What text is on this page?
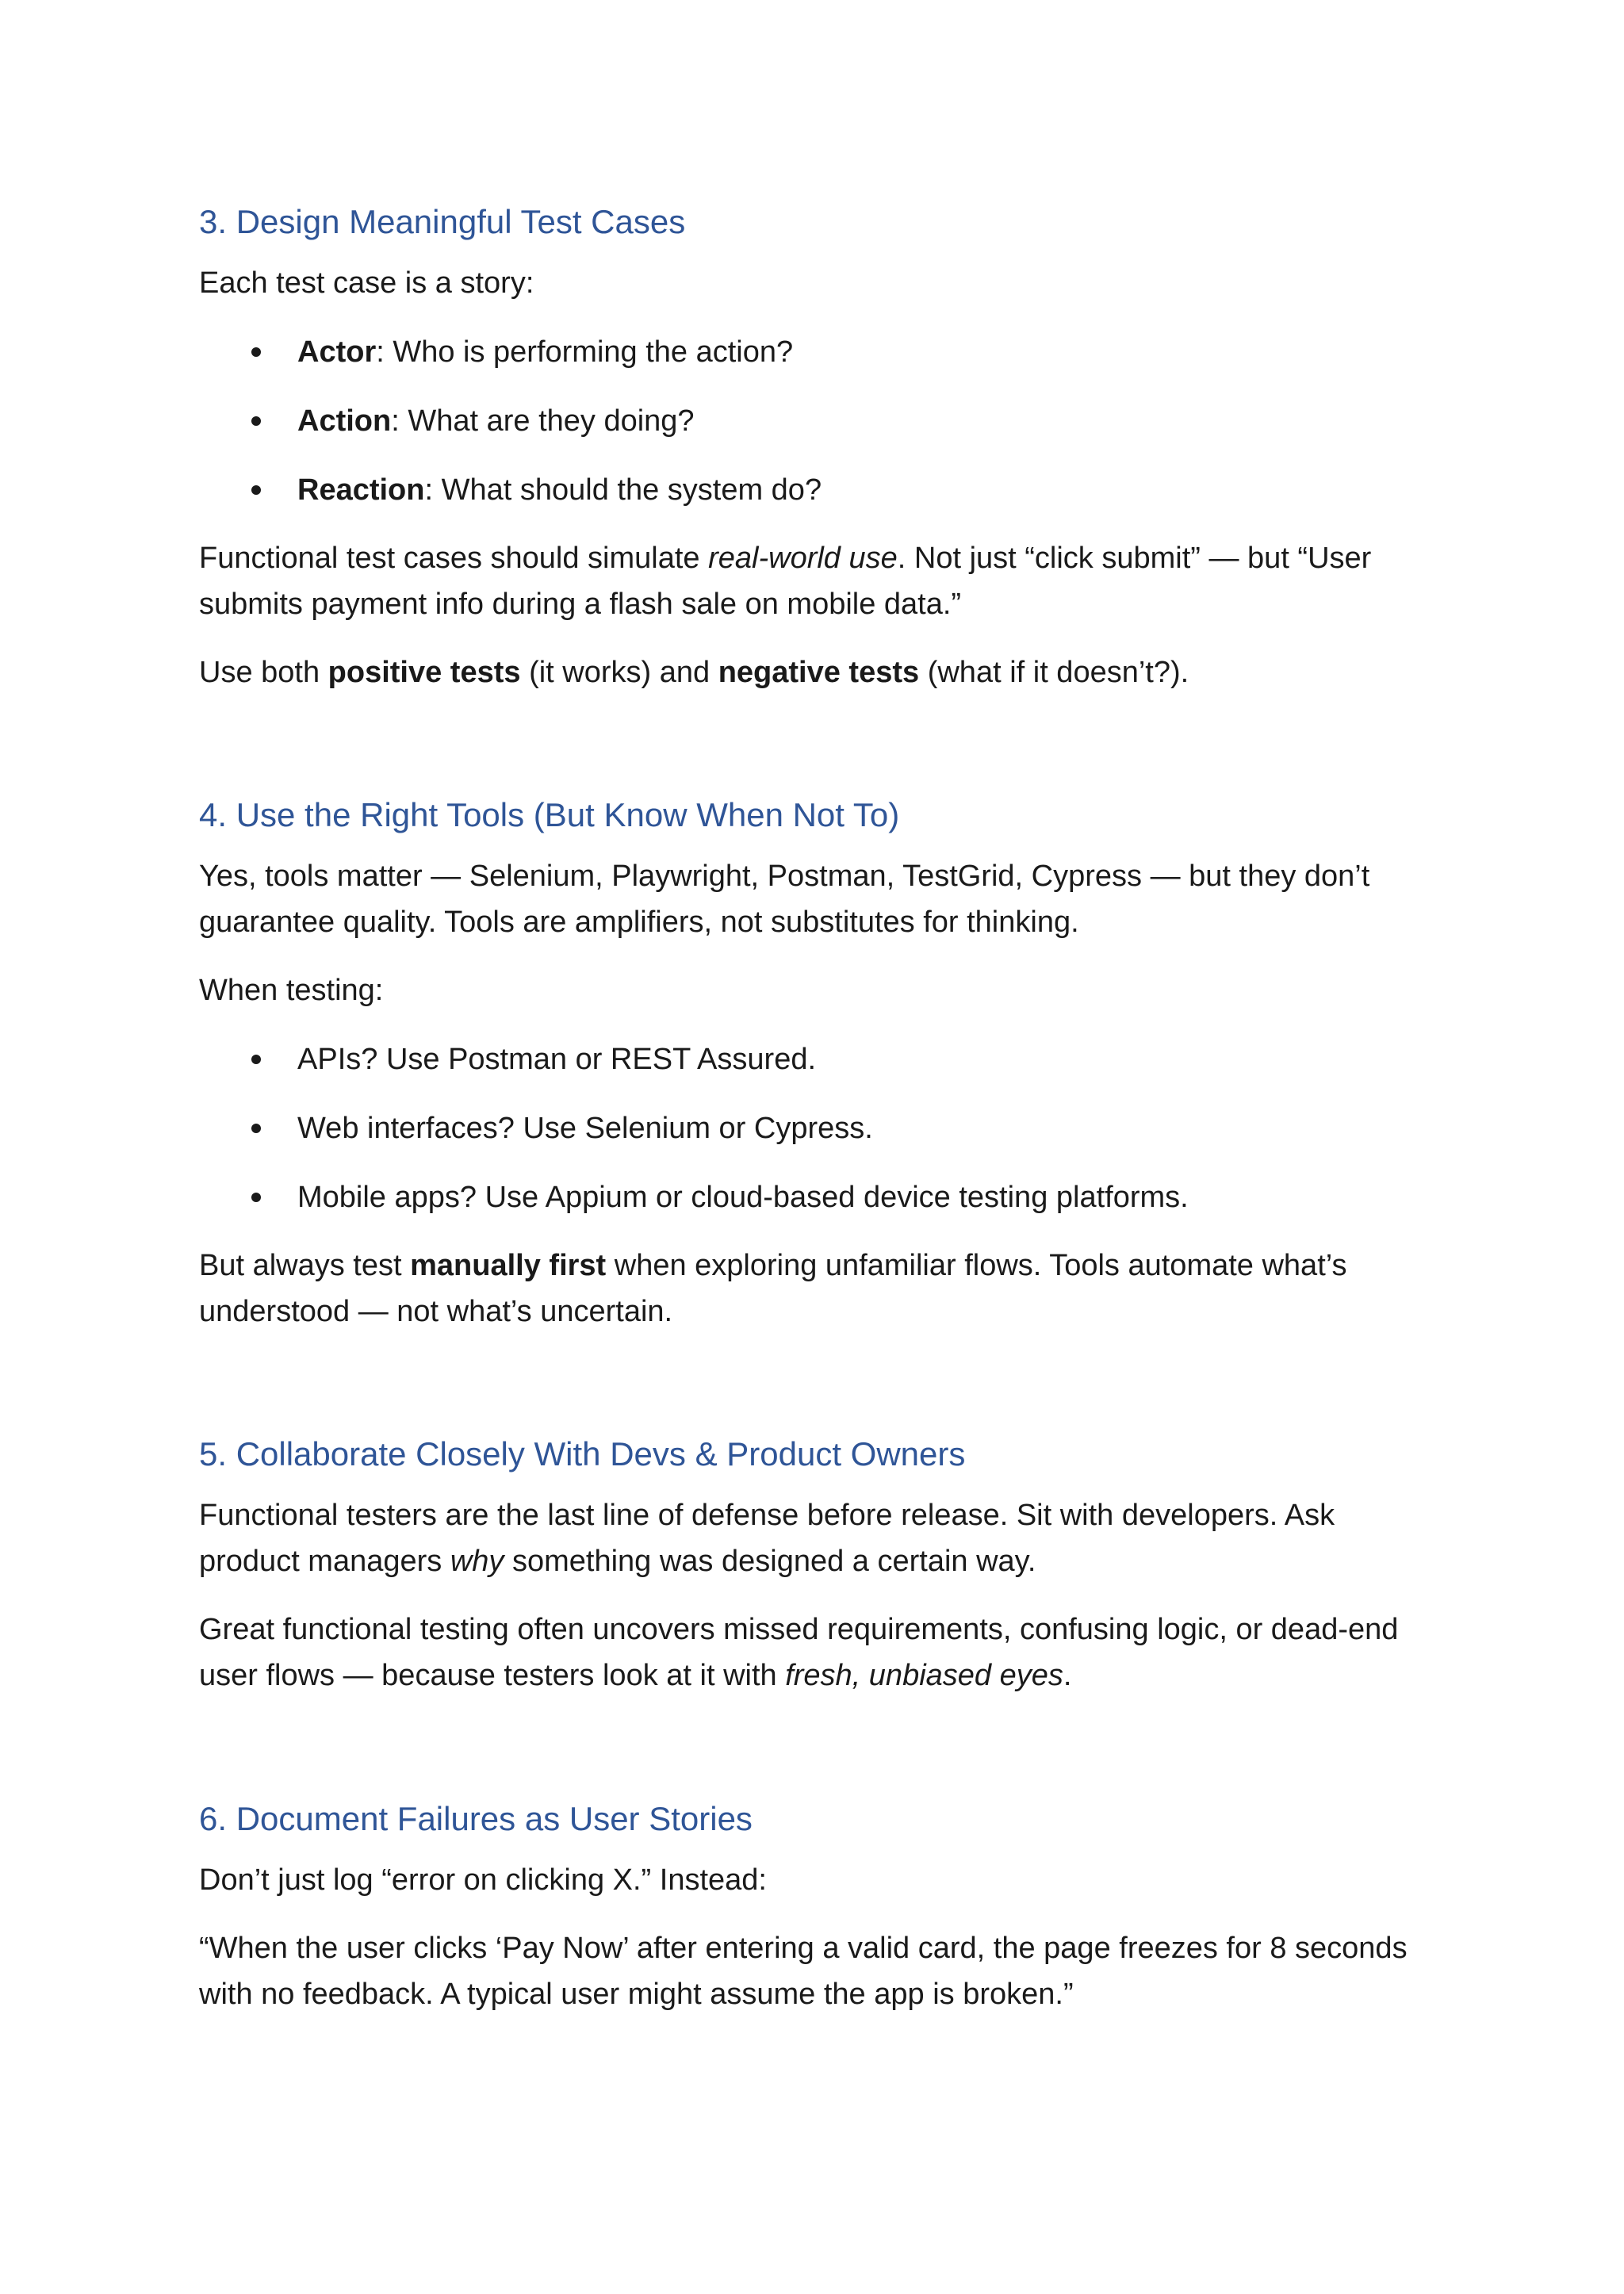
3. Design Meaningful Test Cases

Each test case is a story:

Actor: Who is performing the action?
Action: What are they doing?
Reaction: What should the system do?

Functional test cases should simulate real-world use. Not just “click submit” — but “User submits payment info during a flash sale on mobile data.”

Use both positive tests (it works) and negative tests (what if it doesn’t?).

4. Use the Right Tools (But Know When Not To)

Yes, tools matter — Selenium, Playwright, Postman, TestGrid, Cypress — but they don’t guarantee quality. Tools are amplifiers, not substitutes for thinking.

When testing:

APIs? Use Postman or REST Assured.
Web interfaces? Use Selenium or Cypress.
Mobile apps? Use Appium or cloud-based device testing platforms.

But always test manually first when exploring unfamiliar flows. Tools automate what’s understood — not what’s uncertain.

5. Collaborate Closely With Devs & Product Owners

Functional testers are the last line of defense before release. Sit with developers. Ask product managers why something was designed a certain way.

Great functional testing often uncovers missed requirements, confusing logic, or dead-end user flows — because testers look at it with fresh, unbiased eyes.

6. Document Failures as User Stories

Don’t just log “error on clicking X.” Instead:

“When the user clicks ‘Pay Now’ after entering a valid card, the page freezes for 8 seconds with no feedback. A typical user might assume the app is broken.”
